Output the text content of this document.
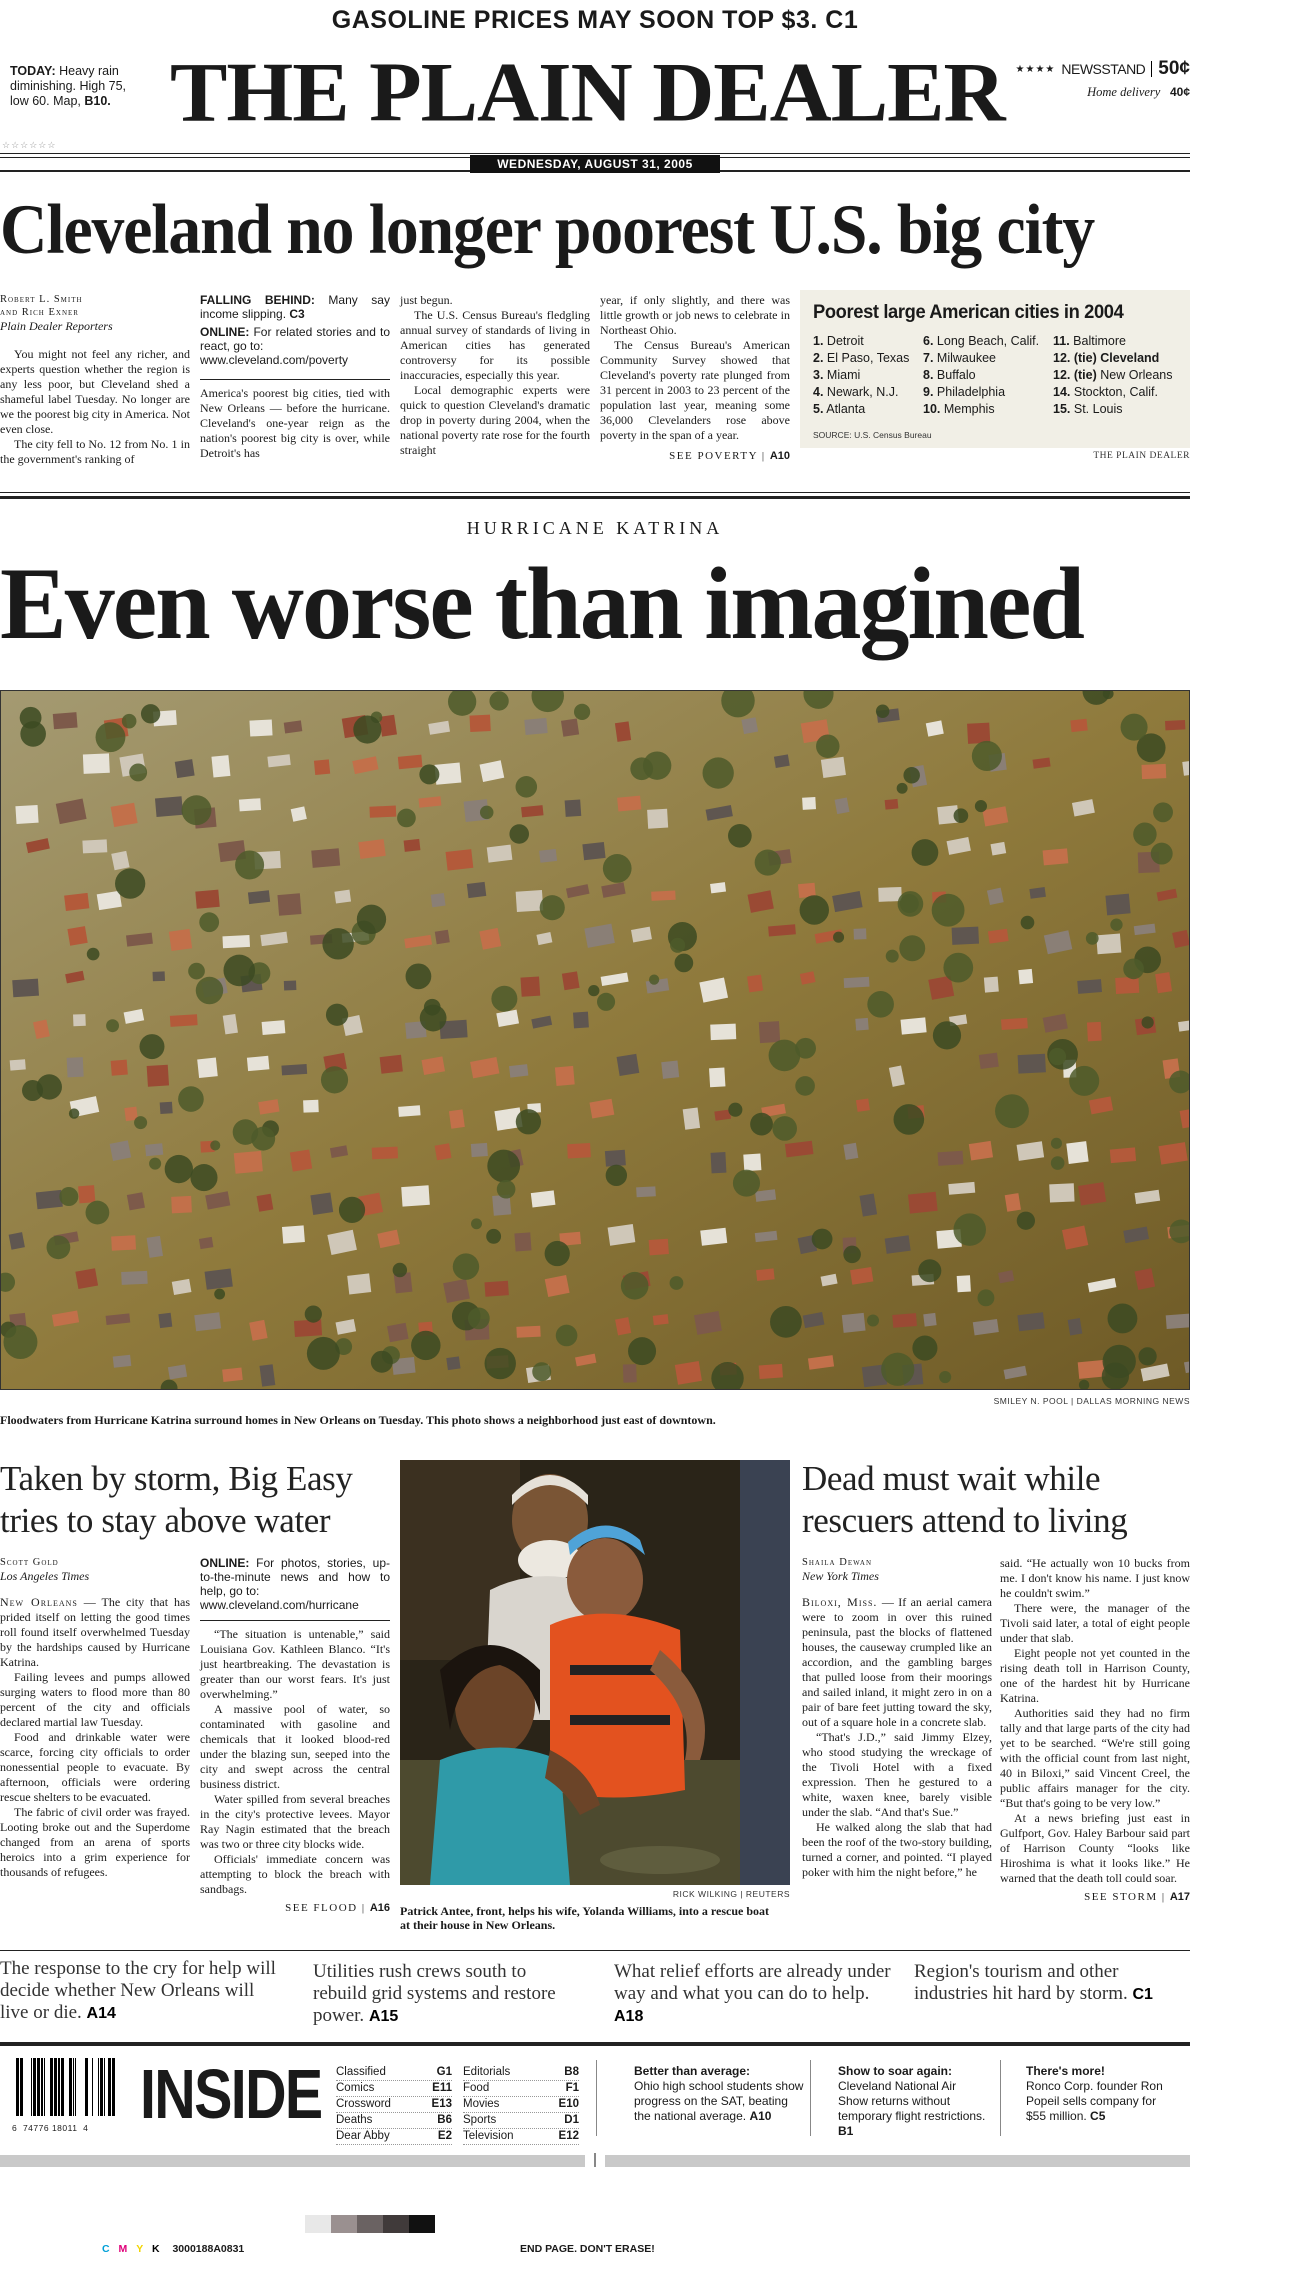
GASOLINE PRICES MAY SOON TOP $3. C1
TODAY: Heavy rain diminishing. High 75, low 60. Map, B10.
☆☆☆☆☆☆
THE PLAIN DEALER	★★★★ NEWSSTAND 50¢
Home delivery 40¢
WEDNESDAY, AUGUST 31, 2005
Cleveland no longer poorest U.S. big city
Robert L. Smith
and Rich Exner
Plain Dealer Reporters

You might not feel any richer, and experts question whether the region is any less poor, but Cleveland shed a shameful label Tuesday. No longer are we the poorest big city in America. Not even close.

The city fell to No. 12 from No. 1 in the government's ranking of

FALLING BEHIND: Many say income slipping. C3
ONLINE: For related stories and to react, go to:
www.cleveland.com/poverty

America's poorest big cities, tied with New Orleans — before the hurricane. Cleveland's one-year reign as the nation's poorest big city is over, while Detroit's has

just begun.

The U.S. Census Bureau's fledgling annual survey of standards of living in American cities has generated controversy for its possible inaccuracies, especially this year.

Local demographic experts were quick to question Cleveland's dramatic drop in poverty during 2004, when the national poverty rate rose for the fourth straight

year, if only slightly, and there was little growth or job news to celebrate in Northeast Ohio.

The Census Bureau's American Community Survey showed that Cleveland's poverty rate plunged from 31 percent in 2003 to 23 percent of the population last year, meaning some 36,000 Clevelanders rose above poverty in the span of a year.

SEE POVERTY | A10
Poorest large American cities in 2004
1. Detroit
2. El Paso, Texas
3. Miami
4. Newark, N.J.
5. Atlanta
6. Long Beach, Calif.
7. Milwaukee
8. Buffalo
9. Philadelphia
10. Memphis
11. Baltimore
12. (tie) Cleveland
12. (tie) New Orleans
14. Stockton, Calif.
15. St. Louis
SOURCE: U.S. Census Bureau
THE PLAIN DEALER
HURRICANE KATRINA
Even worse than imagined
SMILEY N. POOL | DALLAS MORNING NEWS
Floodwaters from Hurricane Katrina surround homes in New Orleans on Tuesday. This photo shows a neighborhood just east of downtown.
Taken by storm, Big Easy tries to stay above water
Scott Gold
Los Angeles Times

New Orleans — The city that has prided itself on letting the good times roll found itself overwhelmed Tuesday by the hardships caused by Hurricane Katrina.

Failing levees and pumps allowed surging waters to flood more than 80 percent of the city and officials declared martial law Tuesday.

Food and drinkable water were scarce, forcing city officials to order nonessential people to evacuate. By afternoon, officials were ordering rescue shelters to be evacuated.

The fabric of civil order was frayed. Looting broke out and the Superdome changed from an arena of sports heroics into a grim experience for thousands of refugees.

ONLINE: For photos, stories, up-to-the-minute news and how to help, go to:
www.cleveland.com/hurricane

“The situation is untenable,” said Louisiana Gov. Kathleen Blanco. “It's just heartbreaking. The devastation is greater than our worst fears. It's just overwhelming.”

A massive pool of water, so contaminated with gasoline and chemicals that it looked blood-red under the blazing sun, seeped into the city and swept across the central business district.

Water spilled from several breaches in the city's protective levees. Mayor Ray Nagin estimated that the breach was two or three city blocks wide.

Officials' immediate concern was attempting to block the breach with sandbags.

SEE FLOOD | A16
RICK WILKING | REUTERS
Patrick Antee, front, helps his wife, Yolanda Williams, into a rescue boat at their house in New Orleans.
Dead must wait while rescuers attend to living
Shaila Dewan
New York Times

Biloxi, Miss. — If an aerial camera were to zoom in over this ruined peninsula, past the blocks of flattened houses, the causeway crumpled like an accordion, and the gambling barges that pulled loose from their moorings and sailed inland, it might zero in on a pair of bare feet jutting toward the sky, out of a square hole in a concrete slab.

“That's J.D.,” said Jimmy Elzey, who stood studying the wreckage of the Tivoli Hotel with a fixed expression. Then he gestured to a white, waxen knee, barely visible under the slab. “And that's Sue.”

He walked along the slab that had been the roof of the two-story building, turned a corner, and pointed. “I played poker with him the night before,” he

said. “He actually won 10 bucks from me. I don't know his name. I just know he couldn't swim.”

There were, the manager of the Tivoli said later, a total of eight people under that slab.

Eight people not yet counted in the rising death toll in Harrison County, one of the hardest hit by Hurricane Katrina.

Authorities said they had no firm tally and that large parts of the city had yet to be searched. “We're still going with the official count from last night, 40 in Biloxi,” said Vincent Creel, the public affairs manager for the city. “But that's going to be very low.”

At a news briefing just east in Gulfport, Gov. Haley Barbour said part of Harrison County “looks like Hiroshima is what it looks like.” He warned that the death toll could soar.

SEE STORM | A17
The response to the cry for help will decide whether New Orleans will live or die. A14
Utilities rush crews south to rebuild grid systems and restore power. A15
What relief efforts are already under way and what you can do to help. A18
Region's tourism and other industries hit hard by storm. C1
6  74776 18011  4 INSIDE Classified	G1
Comics	E11
Crossword	E13
Deaths	B6
Dear Abby	E2
Editorials	B8
Food	F1
Movies	E10
Sports	D1
Television	E12
Better than average:
Ohio high school students show progress on the SAT, beating the national average. A10
Show to soar again:
Cleveland National Air Show returns without temporary flight restrictions. B1
There's more!
Ronco Corp. founder Ron Popeil sells company for $55 million. C5
C M Y K 3000188A0831	END PAGE. DON'T ERASE!
